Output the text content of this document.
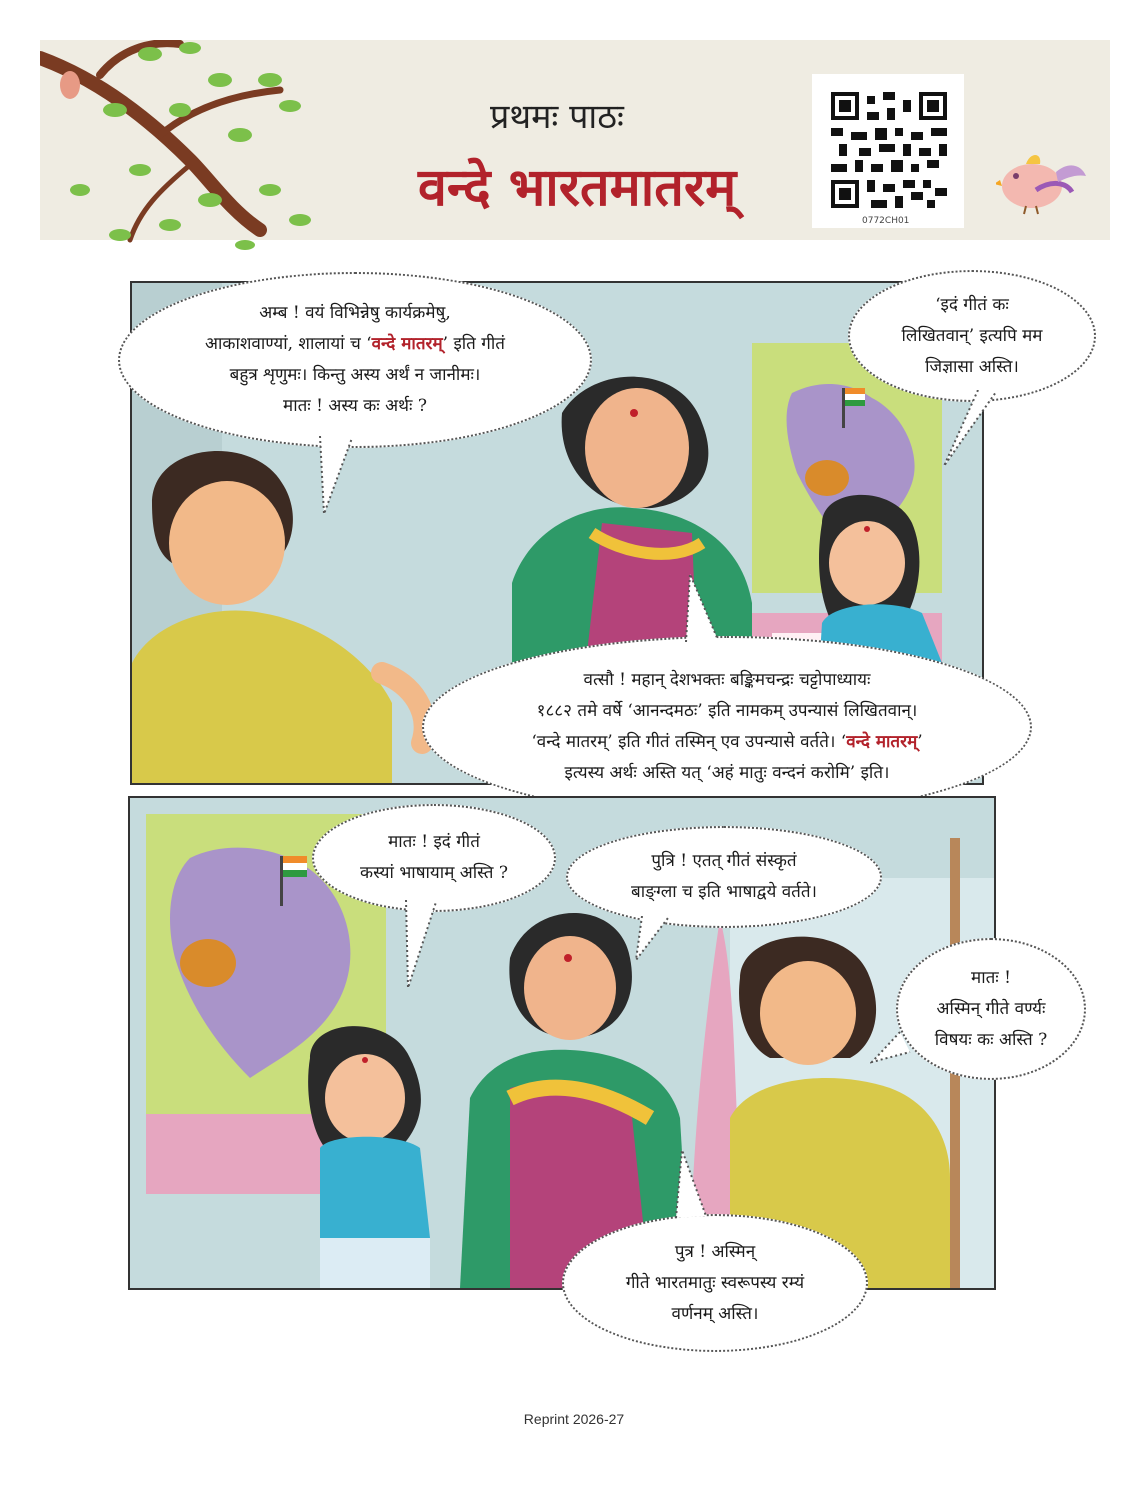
प्रथमः पाठः
वन्दे भारतमातरम्
0772CH01
अम्ब ! वयं विभिन्नेषु कार्यक्रमेषु,
आकाशवाण्यां, शालायां च ‘वन्दे मातरम्’ इति गीतं
बहुत्र शृणुमः। किन्तु अस्य अर्थं न जानीमः।
मातः ! अस्य कः अर्थः ?
‘इदं गीतं कः
लिखितवान्’ इत्यपि मम
जिज्ञासा अस्ति।
वत्सौ ! महान् देशभक्तः बङ्किमचन्द्रः चट्टोपाध्यायः
१८८२ तमे वर्षे ‘आनन्दमठः’ इति नामकम् उपन्यासं लिखितवान्।
‘वन्दे मातरम्’ इति गीतं तस्मिन् एव उपन्यासे वर्तते। ‘वन्दे मातरम्’
इत्यस्य अर्थः अस्ति यत् ‘अहं मातुः वन्दनं करोमि’ इति।
मातः ! इदं गीतं
कस्यां भाषायाम् अस्ति ?
पुत्रि ! एतत् गीतं संस्कृतं
बाङ्ग्ला च इति भाषाद्वये वर्तते।
मातः !
अस्मिन् गीते वर्ण्यः
विषयः कः अस्ति ?
पुत्र ! अस्मिन्
गीते भारतमातुः स्वरूपस्य रम्यं
वर्णनम् अस्ति।
Reprint 2026-27
